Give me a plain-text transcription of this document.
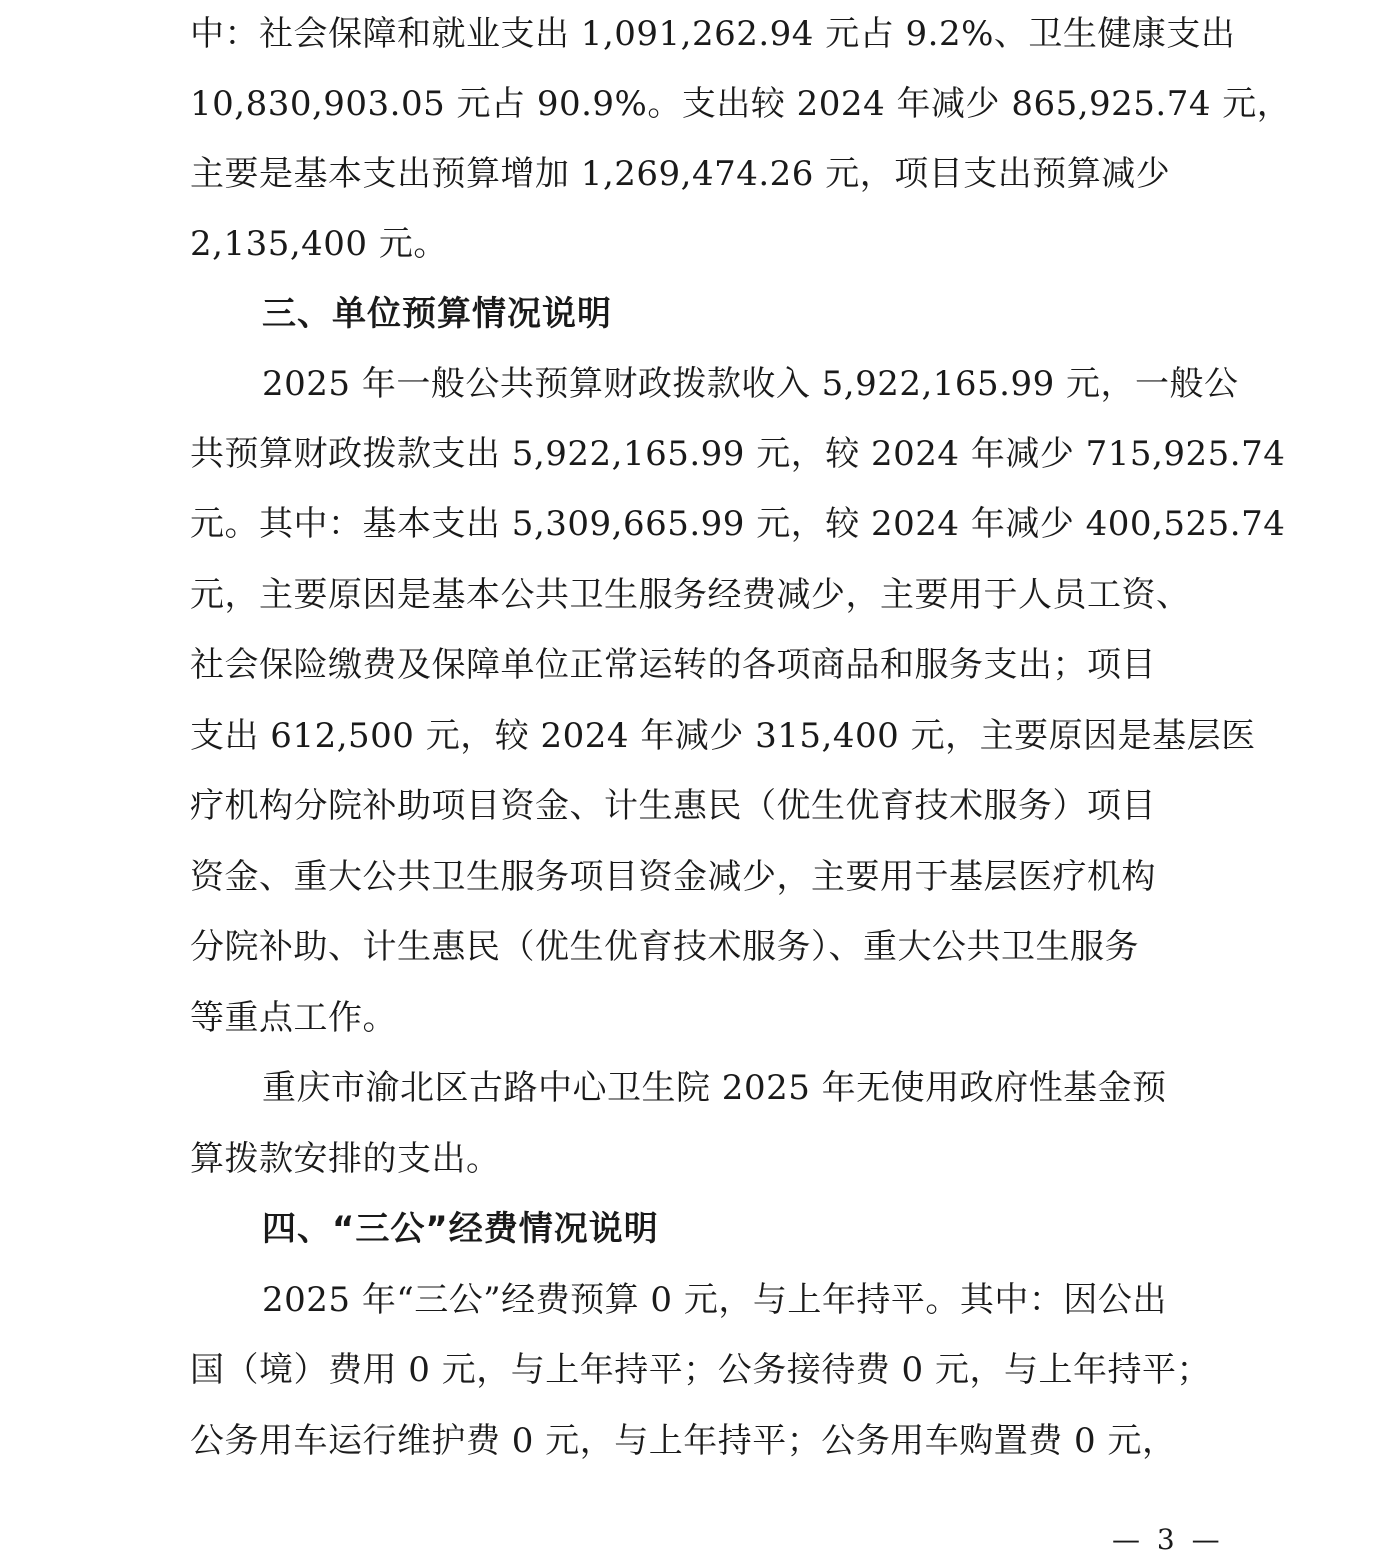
中：社会保障和就业支出 1,091,262.94 元占 9.2%、卫生健康支出
10,830,903.05 元占 90.9%。支出较 2024 年减少 865,925.74 元，
主要是基本支出预算增加 1,269,474.26 元，项目支出预算减少
2,135,400 元。
三、单位预算情况说明
2025 年一般公共预算财政拨款收入 5,922,165.99 元，一般公
共预算财政拨款支出 5,922,165.99 元，较 2024 年减少 715,925.74
元。其中：基本支出 5,309,665.99 元，较 2024 年减少 400,525.74
元，主要原因是基本公共卫生服务经费减少，主要用于人员工资、
社会保险缴费及保障单位正常运转的各项商品和服务支出；项目
支出 612,500 元，较 2024 年减少 315,400 元，主要原因是基层医
疗机构分院补助项目资金、计生惠民（优生优育技术服务）项目
资金、重大公共卫生服务项目资金减少，主要用于基层医疗机构
分院补助、计生惠民（优生优育技术服务）、重大公共卫生服务
等重点工作。
重庆市渝北区古路中心卫生院 2025 年无使用政府性基金预
算拨款安排的支出。
四、“三公”经费情况说明
2025 年“三公”经费预算 0 元，与上年持平。其中：因公出
国（境）费用 0 元，与上年持平；公务接待费 0 元，与上年持平；
公务用车运行维护费 0 元，与上年持平；公务用车购置费 0 元，
— 3 —
